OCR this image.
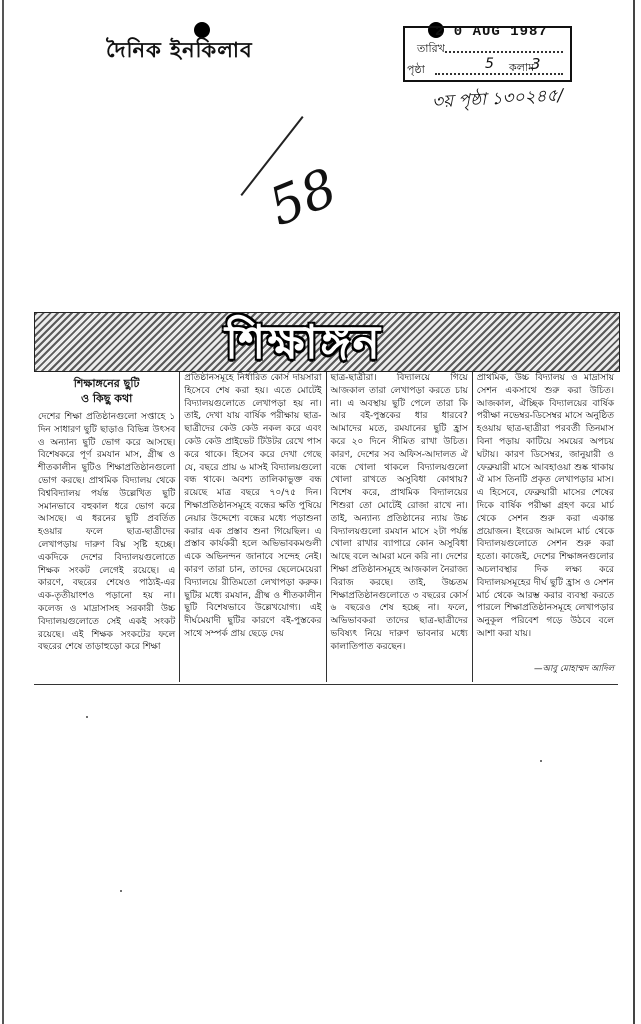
দৈনিক ইনকিলাব
2 0 AUG 1987
তারিখ
পৃষ্ঠা	5 কলাম
3
৩য় পৃষ্ঠা ১৩০২৪৫/
58
শিক্ষাঙ্গন
শিক্ষাঙ্গনের ছুটি
ও কিছু কথা
দেশের শিক্ষা প্রতিষ্ঠানগুলো সপ্তাহে ১ দিন সাধারণ ছুটি ছাড়াও বিভিন্ন উৎসব ও অন্যান্য ছুটি ভোগ করে আসছে। বিশেষকরে পূর্ণ রমযান মাস, গ্রীষ্ম ও শীতকালীন ছুটিও শিক্ষাপ্রতিষ্ঠানগুলো ভোগ করছে। প্রাথমিক বিদ্যালয় থেকে বিশ্ববিদ্যালয় পর্যন্ত উল্লেখিত ছুটি সমানভাবে বহুকাল ধরে ভোগ করে আসছে। এ ধরনের ছুটি প্রবর্তিত হওয়ার ফলে ছাত্র-ছাত্রীদের লেখাপড়ায় দারুণ বিঘ্ন সৃষ্টি হচ্ছে। একদিকে দেশের বিদ্যালয়গুলোতে শিক্ষক সংকট লেগেই রয়েছে। এ কারণে, বছরের শেষেও পাঠ্যই-এর এক-তৃতীয়াংশও পড়ানো হয় না। কলেজ ও মাদ্রাসাসহ সরকারী উচ্চ বিদ্যালয়গুলোতে সেই একই সংকট রয়েছে। এই শিক্ষক সংকটের ফলে বছরের শেষে তাড়াহুড়ো করে শিক্ষা
প্রতিষ্ঠানসমূহে নির্ধারিত কোর্স দায়সারা হিসেবে শেষ করা হয়। এতে মোটেই বিদ্যালয়গুলোতে লেখাপড়া হয় না। তাই, দেখা যায় বার্ষিক পরীক্ষায় ছাত্র-ছাত্রীদের কেউ কেউ নকল করে এবং কেউ কেউ প্রাইভেট টিউটর রেখে পাস করে থাকে। হিসেব করে দেখা গেছে যে, বছরে প্রায় ৬ মাসই বিদ্যালয়গুলো বন্ধ থাকে। অবশ্য তালিকাভুক্ত বন্ধ রয়েছে মাত্র বছরে ৭০/৭৫ দিন। শিক্ষাপ্রতিষ্ঠানসমূহে বন্ধের ক্ষতি পুষিয়ে নেয়ার উদ্দেশ্যে বন্ধের মধ্যে পড়াশুনা করার এক প্রস্তাব শুনা গিয়েছিল। এ প্রস্তাব কার্যকরী হলে অভিভাবকমণ্ডলী একে অভিনন্দন জানাবে সন্দেহ নেই। কারণ তারা চান, তাদের ছেলেমেয়েরা বিদ্যালয়ে রীতিমতো লেখাপড়া করুক। ছুটির মধ্যে রমযান, গ্রীষ্ম ও শীতকালীন ছুটি বিশেষভাবে উল্লেখযোগ্য। এই দীর্ঘমেয়াদী ছুটির কারণে বই-পুস্তকের সাথে সম্পর্ক প্রায় ছেড়ে দেয়
ছাত্র-ছাত্রীরা। বিদ্যালয়ে গিয়ে আজকাল তারা লেখাপড়া করতে চায় না। এ অবস্থায় ছুটি পেলে তারা কি আর বই-পুস্তকের ধার ধারবে? আমাদের মতে, রমযানের ছুটি হ্রাস করে ২০ দিনে সীমিত রাখা উচিত। কারণ, দেশের সব অফিস-আদালত ঐ বন্ধে খোলা থাকলে বিদ্যালয়গুলো খোলা রাখতে অসুবিধা কোথায়? বিশেষ করে, প্রাথমিক বিদ্যালয়ের শিশুরা তো মোটেই রোজা রাখে না। তাই, অন্যান্য প্রতিষ্ঠানের ন্যায় উচ্চ বিদ্যালয়গুলো রমযান মাসে ২টা পর্যন্ত খোলা রাখার ব্যাপারে কোন অসুবিধা আছে বলে আমরা মনে করি না। দেশের শিক্ষা প্রতিষ্ঠানসমূহে আজকাল নৈরাজ্য বিরাজ করছে। তাই, উচ্চতম শিক্ষাপ্রতিষ্ঠানগুলোতে ৩ বছরের কোর্স ৬ বছরেও শেষ হচ্ছে না। ফলে, অভিভাবকরা তাদের ছাত্র-ছাত্রীদের ভবিষ্যৎ নিয়ে দারুণ ভাবনার মধ্যে কালাতিপাত করছেন।
প্রাথমিক, উচ্চ বিদ্যালয় ও মাদ্রাসায় সেশন একসাথে শুরু করা উচিত। আজকাল, ঐচ্ছিক বিদ্যালয়ের বার্ষিক পরীক্ষা নভেম্বর-ডিসেম্বর মাসে অনুষ্ঠিত হওয়ায় ছাত্র-ছাত্রীরা পরবর্তী তিনমাস বিনা পড়ায় কাটিয়ে সময়ের অপচয় ঘটায়। কারণ ডিসেম্বর, জানুয়ারী ও ফেব্রুয়ারী মাসে আবহাওয়া শুষ্ক থাকায় ঐ মাস তিনটি প্রকৃত লেখাপড়ার মাস। এ হিসেবে, ফেব্রুয়ারী মাসের শেষের দিকে বার্ষিক পরীক্ষা গ্রহণ করে মার্চ থেকে সেশন শুরু করা একান্ত প্রয়োজন। ইংরেজ আমলে মার্চ থেকে বিদ্যালয়গুলোতে সেশন শুরু করা হতো। কাজেই, দেশের শিক্ষাঙ্গনগুলোর অচলাবস্থার দিক লক্ষ্য করে বিদ্যালয়সমূহের দীর্ঘ ছুটি হ্রাস ও সেশন মার্চ থেকে আরম্ভ করার ব্যবস্থা করতে পারলে শিক্ষাপ্রতিষ্ঠানসমূহে লেখাপড়ার অনুকূল পরিবেশ গড়ে উঠবে বলে আশা করা যায়।
—আবু মোহাম্মদ আদিল
